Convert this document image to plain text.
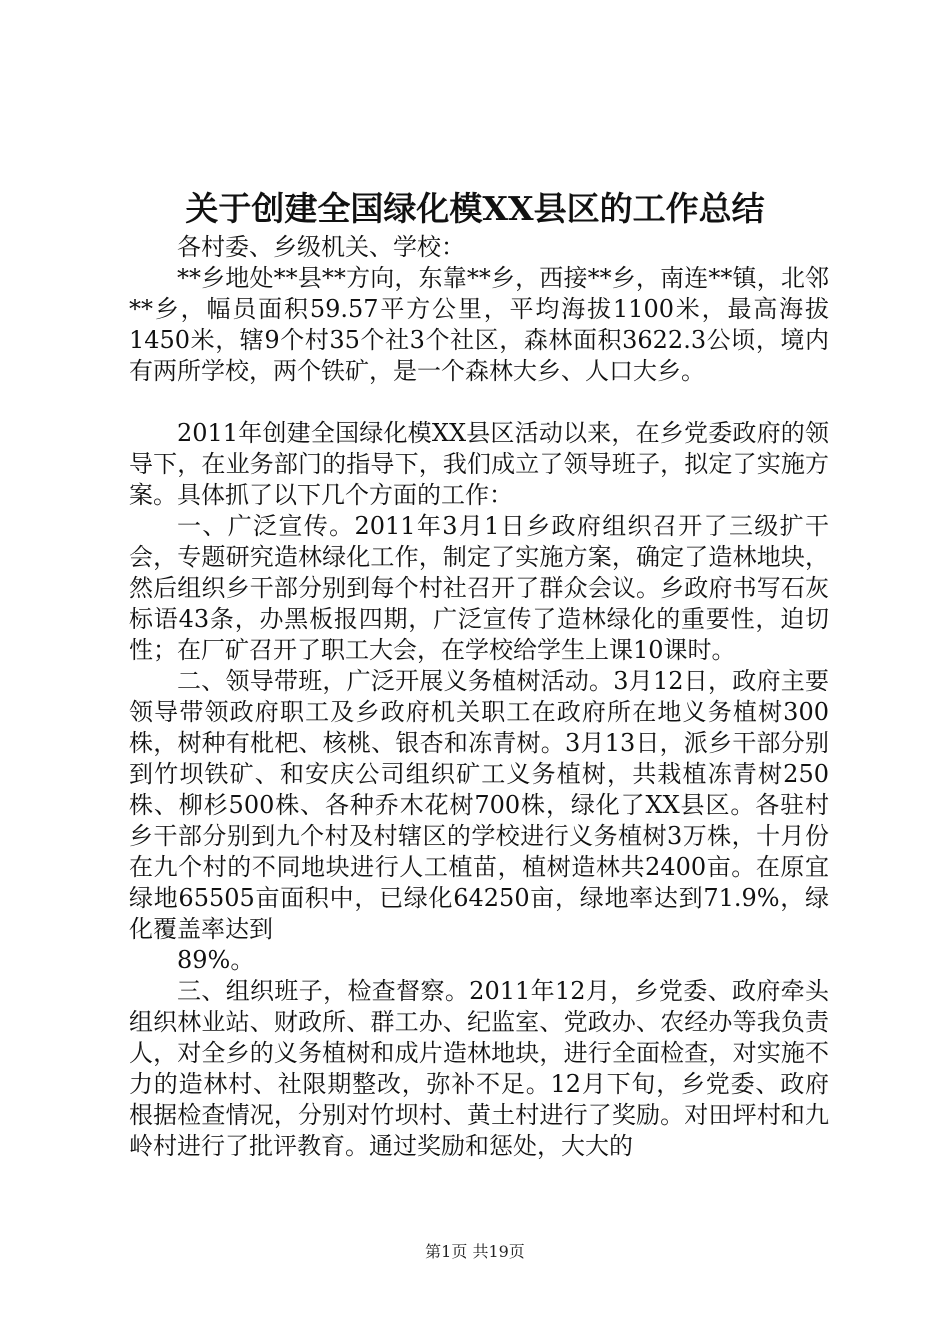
关于创建全国绿化模XX县区的工作总结

各村委、乡级机关、学校：

**乡地处**县**方向，东靠**乡，西接**乡，南连**镇，北邻**乡，幅员面积59.57平方公里，平均海拔1100米，最高海拔1450米，辖9个村35个社3个社区，森林面积3622.3公顷，境内有两所学校，两个铁矿，是一个森林大乡、人口大乡。

2011年创建全国绿化模XX县区活动以来，在乡党委政府的领导下，在业务部门的指导下，我们成立了领导班子，拟定了实施方案。具体抓了以下几个方面的工作：

一、广泛宣传。2011年3月1日乡政府组织召开了三级扩干会，专题研究造林绿化工作，制定了实施方案，确定了造林地块，然后组织乡干部分别到每个村社召开了群众会议。乡政府书写石灰标语43条，办黑板报四期，广泛宣传了造林绿化的重要性，迫切性；在厂矿召开了职工大会，在学校给学生上课10课时。

二、领导带班，广泛开展义务植树活动。3月12日，政府主要领导带领政府职工及乡政府机关职工在政府所在地义务植树300株，树种有枇杷、核桃、银杏和冻青树。3月13日，派乡干部分别到竹坝铁矿、和安庆公司组织矿工义务植树，共栽植冻青树250株、柳杉500株、各种乔木花树700株，绿化了XX县区。各驻村乡干部分别到九个村及村辖区的学校进行义务植树3万株，十月份在九个村的不同地块进行人工植苗，植树造林共2400亩。在原宜绿地65505亩面积中，已绿化64250亩，绿地率达到71.9%，绿化覆盖率达到

89%。

三、组织班子，检查督察。2011年12月，乡党委、政府牵头组织林业站、财政所、群工办、纪监室、党政办、农经办等我负责人，对全乡的义务植树和成片造林地块，进行全面检查，对实施不力的造林村、社限期整改，弥补不足。12月下旬，乡党委、政府根据检查情况，分别对竹坝村、黄土村进行了奖励。对田坪村和九岭村进行了批评教育。通过奖励和惩处，大大的

第1页 共19页
